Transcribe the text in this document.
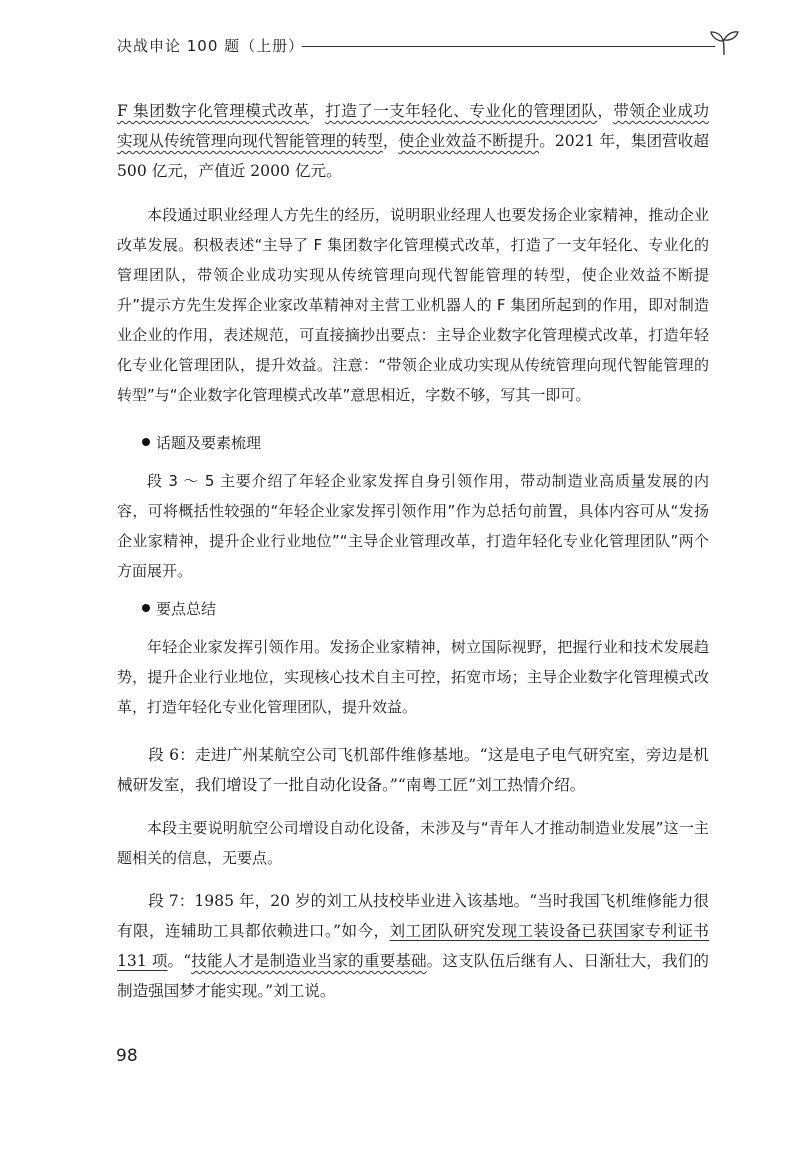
决战申论 100 题（上册）
F 集团数字化管理模式改革，打造了一支年轻化、专业化的管理团队，带领企业成功实现从传统管理向现代智能管理的转型，使企业效益不断提升。2021 年，集团营收超 500 亿元，产值近 2000 亿元。
本段通过职业经理人方先生的经历，说明职业经理人也要发扬企业家精神，推动企业改革发展。积极表述“主导了 F 集团数字化管理模式改革，打造了一支年轻化、专业化的管理团队，带领企业成功实现从传统管理向现代智能管理的转型，使企业效益不断提升”提示方先生发挥企业家改革精神对主营工业机器人的 F 集团所起到的作用，即对制造业企业的作用，表述规范，可直接摘抄出要点：主导企业数字化管理模式改革，打造年轻化专业化管理团队，提升效益。注意：“带领企业成功实现从传统管理向现代智能管理的转型”与“企业数字化管理模式改革”意思相近，字数不够，写其一即可。
话题及要素梳理
段 3 ～ 5 主要介绍了年轻企业家发挥自身引领作用，带动制造业高质量发展的内容，可将概括性较强的“年轻企业家发挥引领作用”作为总括句前置，具体内容可从“发扬企业家精神，提升企业行业地位”“主导企业管理改革，打造年轻化专业化管理团队”两个方面展开。
要点总结
年轻企业家发挥引领作用。发扬企业家精神，树立国际视野，把握行业和技术发展趋势，提升企业行业地位，实现核心技术自主可控，拓宽市场；主导企业数字化管理模式改革，打造年轻化专业化管理团队，提升效益。
段 6：走进广州某航空公司飞机部件维修基地。“这是电子电气研究室，旁边是机械研发室，我们增设了一批自动化设备。”“南粤工匠”刘工热情介绍。
本段主要说明航空公司增设自动化设备，未涉及与“青年人才推动制造业发展”这一主题相关的信息，无要点。
段 7：1985 年，20 岁的刘工从技校毕业进入该基地。“当时我国飞机维修能力很有限，连辅助工具都依赖进口。”如今，刘工团队研究发现工装设备已获国家专利证书 131 项。“技能人才是制造业当家的重要基础。这支队伍后继有人、日渐壮大，我们的制造强国梦才能实现。”刘工说。
98
